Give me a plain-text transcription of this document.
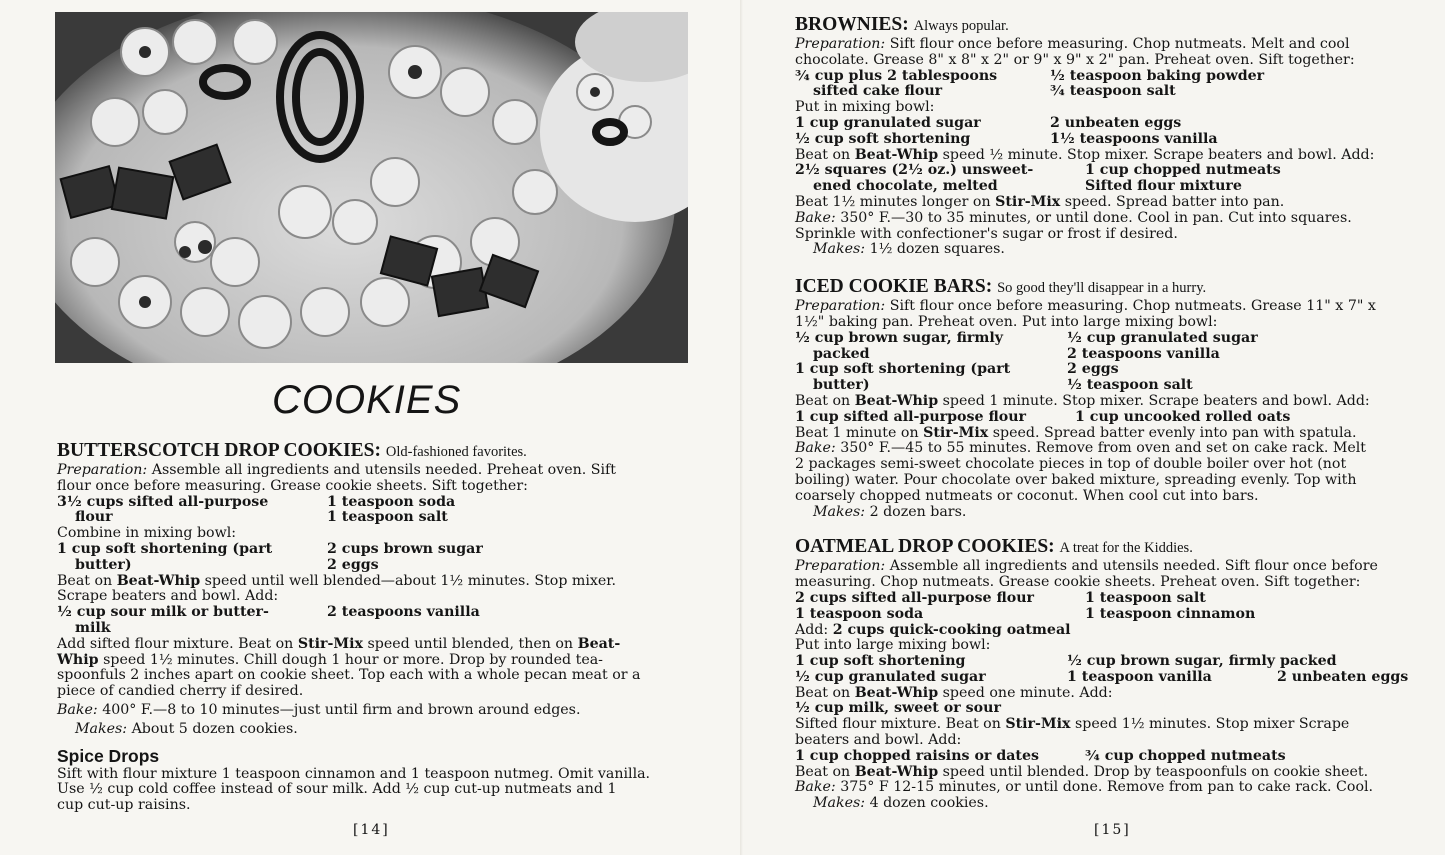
COOKIES
BUTTERSCOTCH DROP COOKIES: Old-fashioned favorites.
Preparation: Assemble all ingredients and utensils needed. Preheat oven. Sift
flour once before measuring. Grease cookie sheets. Sift together:
3½ cups sifted all-purpose	1 teaspoon soda
flour	1 teaspoon salt
Combine in mixing bowl:
1 cup soft shortening (part	2 cups brown sugar
butter)	2 eggs
Beat on Beat-Whip speed until well blended—about 1½ minutes. Stop mixer.
Scrape beaters and bowl. Add:
½ cup sour milk or butter-	2 teaspoons vanilla
milk
Add sifted flour mixture. Beat on Stir-Mix speed until blended, then on Beat-
Whip speed 1½ minutes. Chill dough 1 hour or more. Drop by rounded tea-
spoonfuls 2 inches apart on cookie sheet. Top each with a whole pecan meat or a
piece of candied cherry if desired.
Bake: 400° F.—8 to 10 minutes—just until firm and brown around edges.
Makes: About 5 dozen cookies.
Spice Drops
Sift with flour mixture 1 teaspoon cinnamon and 1 teaspoon nutmeg. Omit vanilla.
Use ½ cup cold coffee instead of sour milk. Add ½ cup cut-up nutmeats and 1
cup cut-up raisins.
[14]
BROWNIES: Always popular.
Preparation: Sift flour once before measuring. Chop nutmeats. Melt and cool
chocolate. Grease 8" x 8" x 2" or 9" x 9" x 2" pan. Preheat oven. Sift together:
¾ cup plus 2 tablespoons	½ teaspoon baking powder
sifted cake flour	¾ teaspoon salt
Put in mixing bowl:
1 cup granulated sugar	2 unbeaten eggs
½ cup soft shortening	1½ teaspoons vanilla
Beat on Beat-Whip speed ½ minute. Stop mixer. Scrape beaters and bowl. Add:
2½ squares (2½ oz.) unsweet-	1 cup chopped nutmeats
ened chocolate, melted	Sifted flour mixture
Beat 1½ minutes longer on Stir-Mix speed. Spread batter into pan.
Bake: 350° F.—30 to 35 minutes, or until done. Cool in pan. Cut into squares.
Sprinkle with confectioner's sugar or frost if desired.
Makes: 1½ dozen squares.
ICED COOKIE BARS: So good they'll disappear in a hurry.
Preparation: Sift flour once before measuring. Chop nutmeats. Grease 11" x 7" x
1½" baking pan. Preheat oven. Put into large mixing bowl:
½ cup brown sugar, firmly	½ cup granulated sugar
packed	2 teaspoons vanilla
1 cup soft shortening (part	2 eggs
butter)	½ teaspoon salt
Beat on Beat-Whip speed 1 minute. Stop mixer. Scrape beaters and bowl. Add:
1 cup sifted all-purpose flour	1 cup uncooked rolled oats
Beat 1 minute on Stir-Mix speed. Spread batter evenly into pan with spatula.
Bake: 350° F.—45 to 55 minutes. Remove from oven and set on cake rack. Melt
2 packages semi-sweet chocolate pieces in top of double boiler over hot (not
boiling) water. Pour chocolate over baked mixture, spreading evenly. Top with
coarsely chopped nutmeats or coconut. When cool cut into bars.
Makes: 2 dozen bars.
OATMEAL DROP COOKIES: A treat for the Kiddies.
Preparation: Assemble all ingredients and utensils needed. Sift flour once before
measuring. Chop nutmeats. Grease cookie sheets. Preheat oven. Sift together:
2 cups sifted all-purpose flour	1 teaspoon salt
1 teaspoon soda	1 teaspoon cinnamon
Add: 2 cups quick-cooking oatmeal
Put into large mixing bowl:
1 cup soft shortening	½ cup brown sugar, firmly packed
½ cup granulated sugar	1 teaspoon vanilla	2 unbeaten eggs
Beat on Beat-Whip speed one minute. Add:
½ cup milk, sweet or sour
Sifted flour mixture. Beat on Stir-Mix speed 1½ minutes. Stop mixer Scrape
beaters and bowl. Add:
1 cup chopped raisins or dates	¾ cup chopped nutmeats
Beat on Beat-Whip speed until blended. Drop by teaspoonfuls on cookie sheet.
Bake: 375° F 12-15 minutes, or until done. Remove from pan to cake rack. Cool.
Makes: 4 dozen cookies.
[15]
